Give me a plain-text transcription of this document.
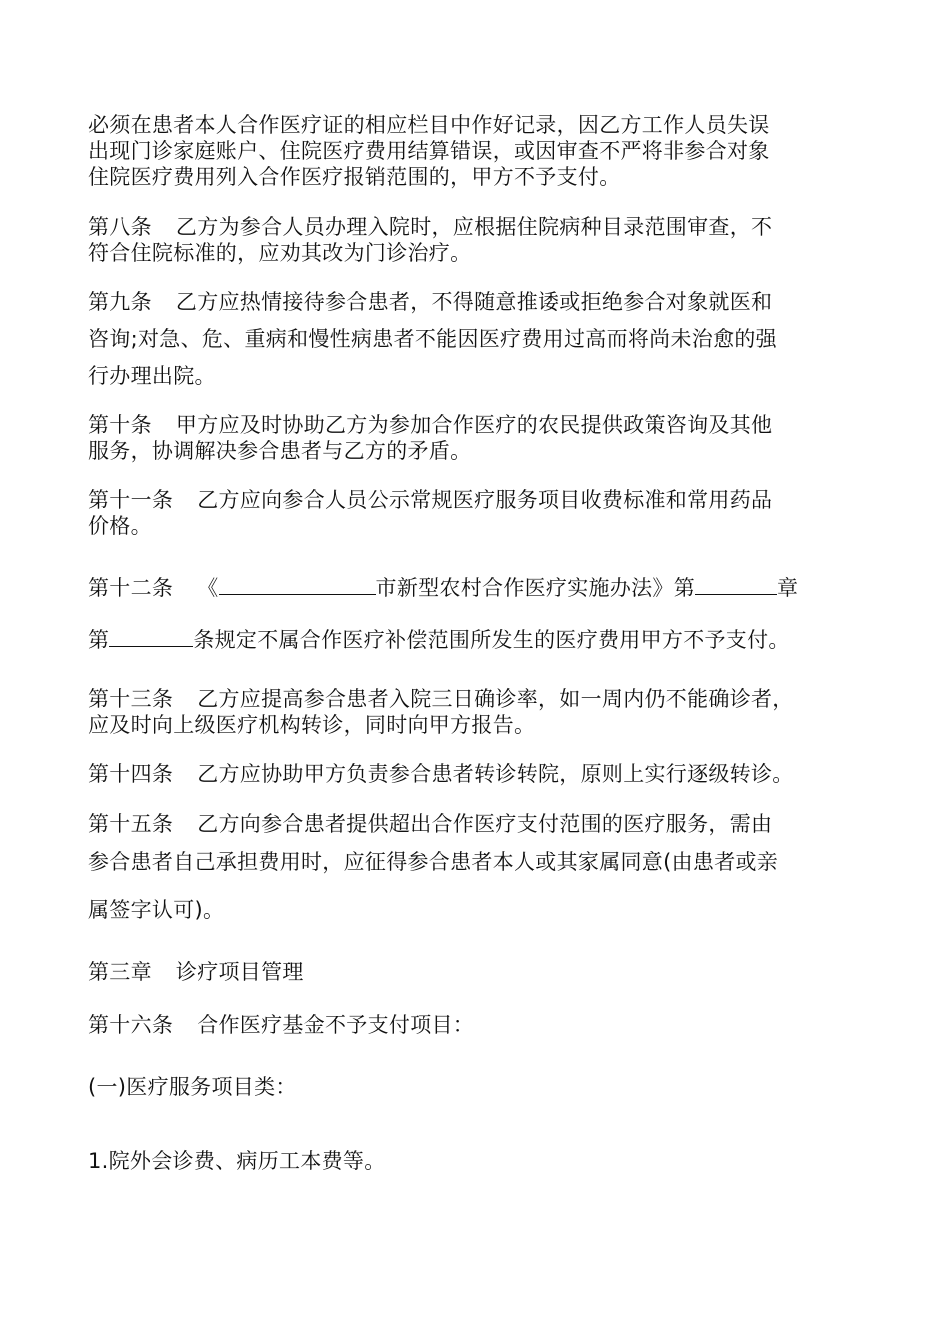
必须在患者本人合作医疗证的相应栏目中作好记录，因乙方工作人员失误

出现门诊家庭账户、住院医疗费用结算错误，或因审查不严将非参合对象

住院医疗费用列入合作医疗报销范围的，甲方不予支付。

第八条 乙方为参合人员办理入院时，应根据住院病种目录范围审查，不

符合住院标准的，应劝其改为门诊治疗。

第九条 乙方应热情接待参合患者，不得随意推诿或拒绝参合对象就医和

咨询;对急、危、重病和慢性病患者不能因医疗费用过高而将尚未治愈的强

行办理出院。

第十条 甲方应及时协助乙方为参加合作医疗的农民提供政策咨询及其他

服务，协调解决参合患者与乙方的矛盾。

第十一条 乙方应向参合人员公示常规医疗服务项目收费标准和常用药品

价格。

第十二条 《	市新型农村合作医疗实施办法》第	章

第	条规定不属合作医疗补偿范围所发生的医疗费用甲方不予支付。

第十三条 乙方应提高参合患者入院三日确诊率，如一周内仍不能确诊者，

应及时向上级医疗机构转诊，同时向甲方报告。

第十四条 乙方应协助甲方负责参合患者转诊转院，原则上实行逐级转诊。

第十五条 乙方向参合患者提供超出合作医疗支付范围的医疗服务，需由

参合患者自己承担费用时，应征得参合患者本人或其家属同意(由患者或亲

属签字认可)。

第三章 诊疗项目管理

第十六条 合作医疗基金不予支付项目：

(一)医疗服务项目类：

1.院外会诊费、病历工本费等。
